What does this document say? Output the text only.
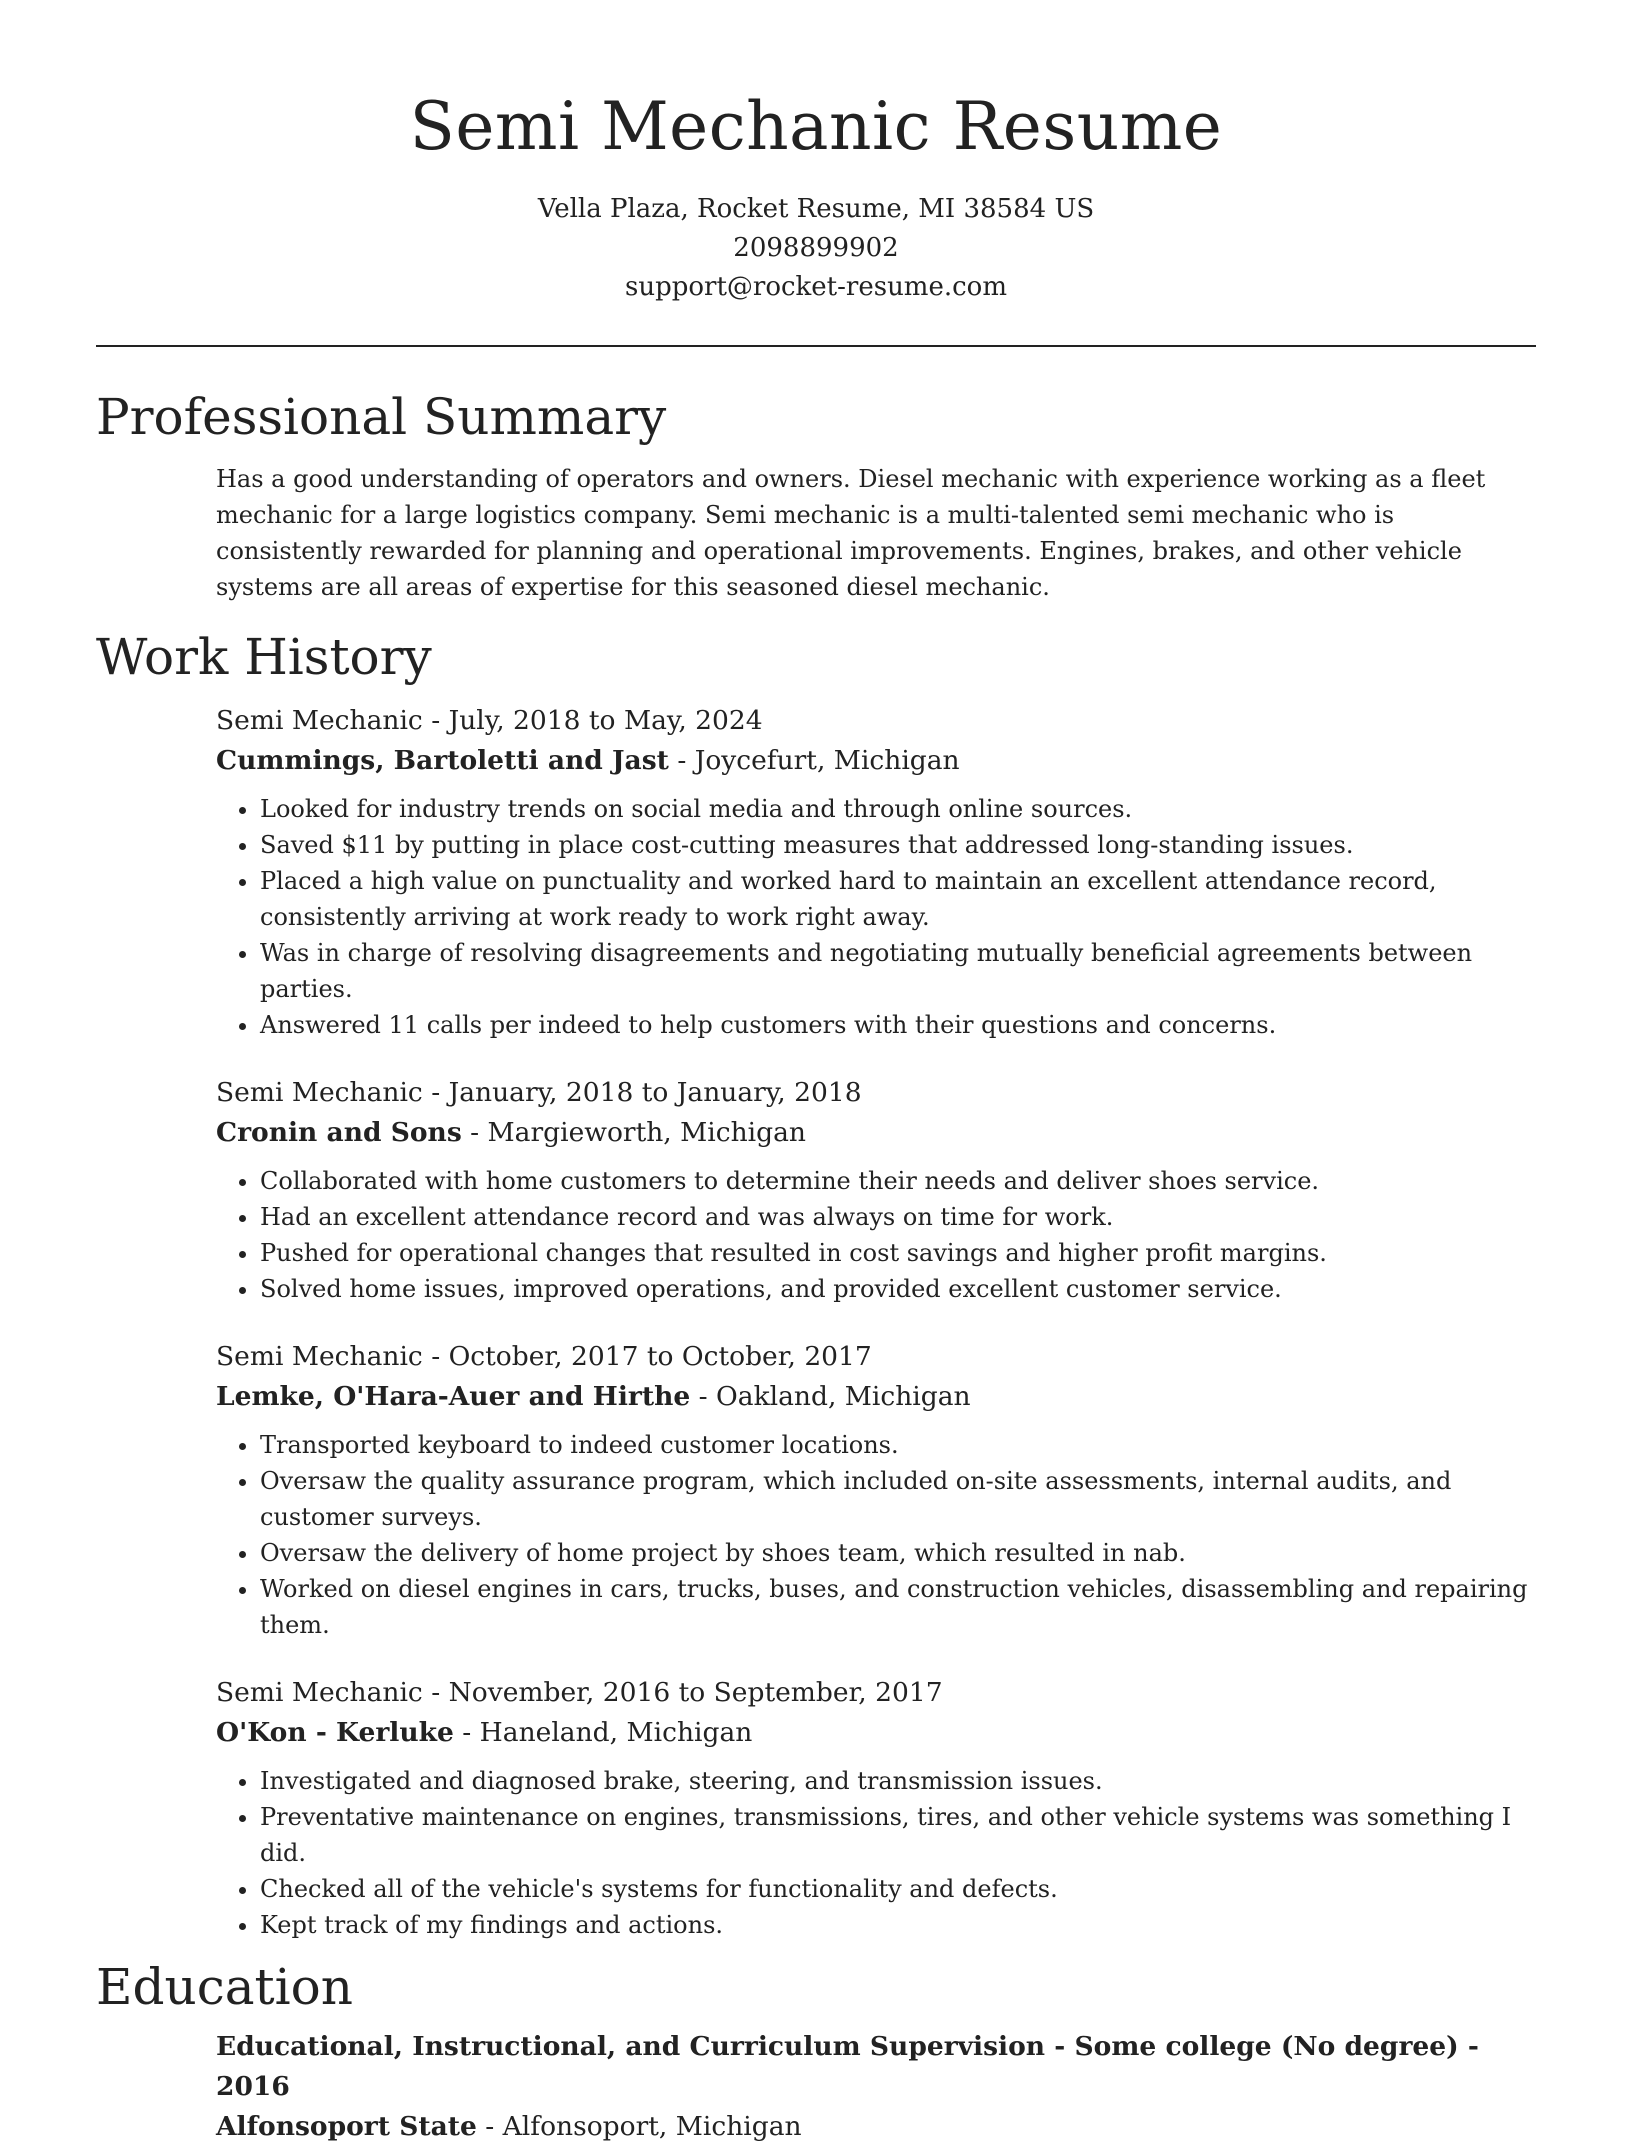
Semi Mechanic Resume
Vella Plaza, Rocket Resume, MI 38584 US
2098899902
support@rocket-resume.com
Professional Summary

Has a good understanding of operators and owners. Diesel mechanic with experience working as a fleet mechanic for a large logistics company. Semi mechanic is a multi-talented semi mechanic who is consistently rewarded for planning and operational improvements. Engines, brakes, and other vehicle systems are all areas of expertise for this seasoned diesel mechanic.

Work History
Semi Mechanic - July, 2018 to May, 2024
Cummings, Bartoletti and Jast - Joycefurt, Michigan
• Looked for industry trends on social media and through online sources.
• Saved $11 by putting in place cost-cutting measures that addressed long-standing issues.
• Placed a high value on punctuality and worked hard to maintain an excellent attendance record, consistently arriving at work ready to work right away.
• Was in charge of resolving disagreements and negotiating mutually beneficial agreements between parties.
• Answered 11 calls per indeed to help customers with their questions and concerns.
Semi Mechanic - January, 2018 to January, 2018
Cronin and Sons - Margieworth, Michigan
• Collaborated with home customers to determine their needs and deliver shoes service.
• Had an excellent attendance record and was always on time for work.
• Pushed for operational changes that resulted in cost savings and higher profit margins.
• Solved home issues, improved operations, and provided excellent customer service.
Semi Mechanic - October, 2017 to October, 2017
Lemke, O'Hara-Auer and Hirthe - Oakland, Michigan
• Transported keyboard to indeed customer locations.
• Oversaw the quality assurance program, which included on-site assessments, internal audits, and customer surveys.
• Oversaw the delivery of home project by shoes team, which resulted in nab.
• Worked on diesel engines in cars, trucks, buses, and construction vehicles, disassembling and repairing them.
Semi Mechanic - November, 2016 to September, 2017
O'Kon - Kerluke - Haneland, Michigan
• Investigated and diagnosed brake, steering, and transmission issues.
• Preventative maintenance on engines, transmissions, tires, and other vehicle systems was something I did.
• Checked all of the vehicle's systems for functionality and defects.
• Kept track of my findings and actions.
Education
Educational, Instructional, and Curriculum Supervision - Some college (No degree) - 2016
Alfonsoport State - Alfonsoport, Michigan
